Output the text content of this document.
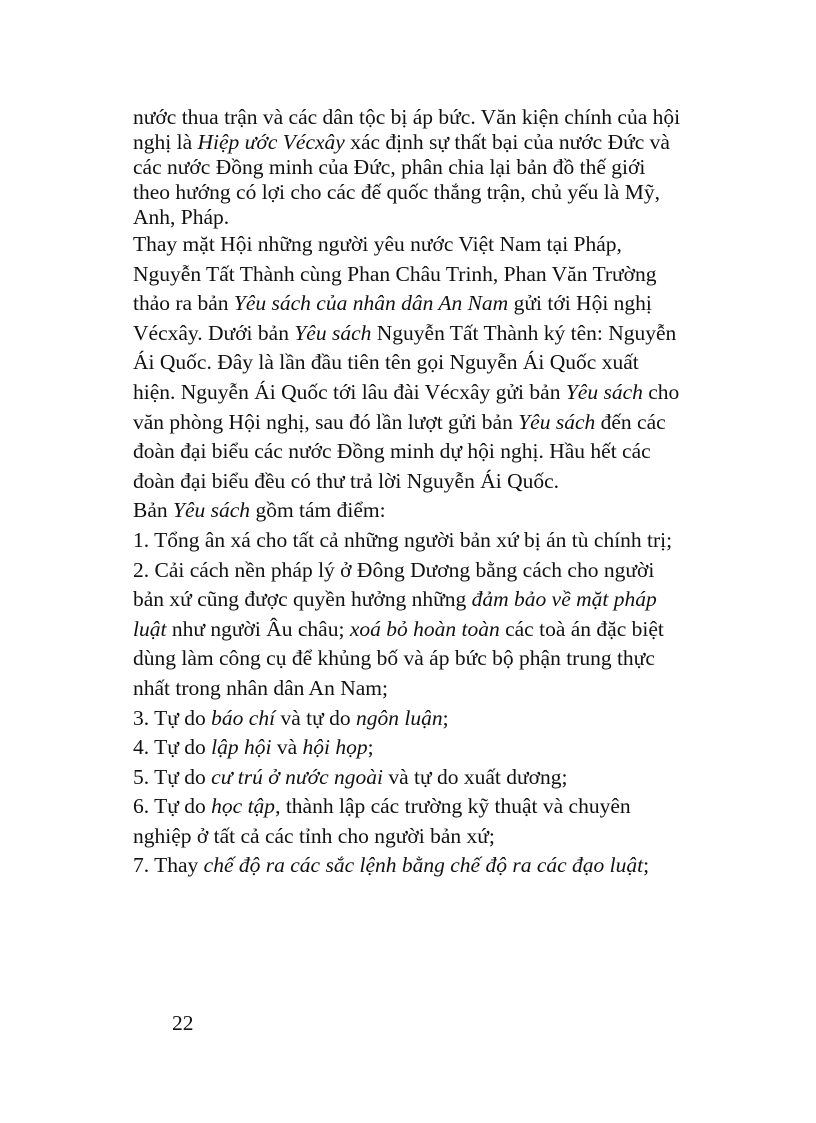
nước thua trận và các dân tộc bị áp bức. Văn kiện chính của hội nghị là Hiệp ước Vécxây xác định sự thất bại của nước Đức và các nước Đồng minh của Đức, phân chia lại bản đồ thế giới theo hướng có lợi cho các đế quốc thắng trận, chủ yếu là Mỹ, Anh, Pháp.

Thay mặt Hội những người yêu nước Việt Nam tại Pháp, Nguyễn Tất Thành cùng Phan Châu Trinh, Phan Văn Trường thảo ra bản Yêu sách của nhân dân An Nam gửi tới Hội nghị Vécxây. Dưới bản Yêu sách Nguyễn Tất Thành ký tên: Nguyễn Ái Quốc. Đây là lần đầu tiên tên gọi Nguyễn Ái Quốc xuất hiện. Nguyễn Ái Quốc tới lâu đài Vécxây gửi bản Yêu sách cho văn phòng Hội nghị, sau đó lần lượt gửi bản Yêu sách đến các đoàn đại biểu các nước Đồng minh dự hội nghị. Hầu hết các đoàn đại biểu đều có thư trả lời Nguyễn Ái Quốc.

Bản Yêu sách gồm tám điểm:

1. Tổng ân xá cho tất cả những người bản xứ bị án tù chính trị;

2. Cải cách nền pháp lý ở Đông Dương bằng cách cho người bản xứ cũng được quyền hưởng những đảm bảo về mặt pháp luật như người Âu châu; xoá bỏ hoàn toàn các toà án đặc biệt dùng làm công cụ để khủng bố và áp bức bộ phận trung thực nhất trong nhân dân An Nam;

3. Tự do báo chí và tự do ngôn luận;

4. Tự do lập hội và hội họp;

5. Tự do cư trú ở nước ngoài và tự do xuất dương;

6. Tự do học tập, thành lập các trường kỹ thuật và chuyên nghiệp ở tất cả các tỉnh cho người bản xứ;

7. Thay chế độ ra các sắc lệnh bằng chế độ ra các đạo luật;

22
